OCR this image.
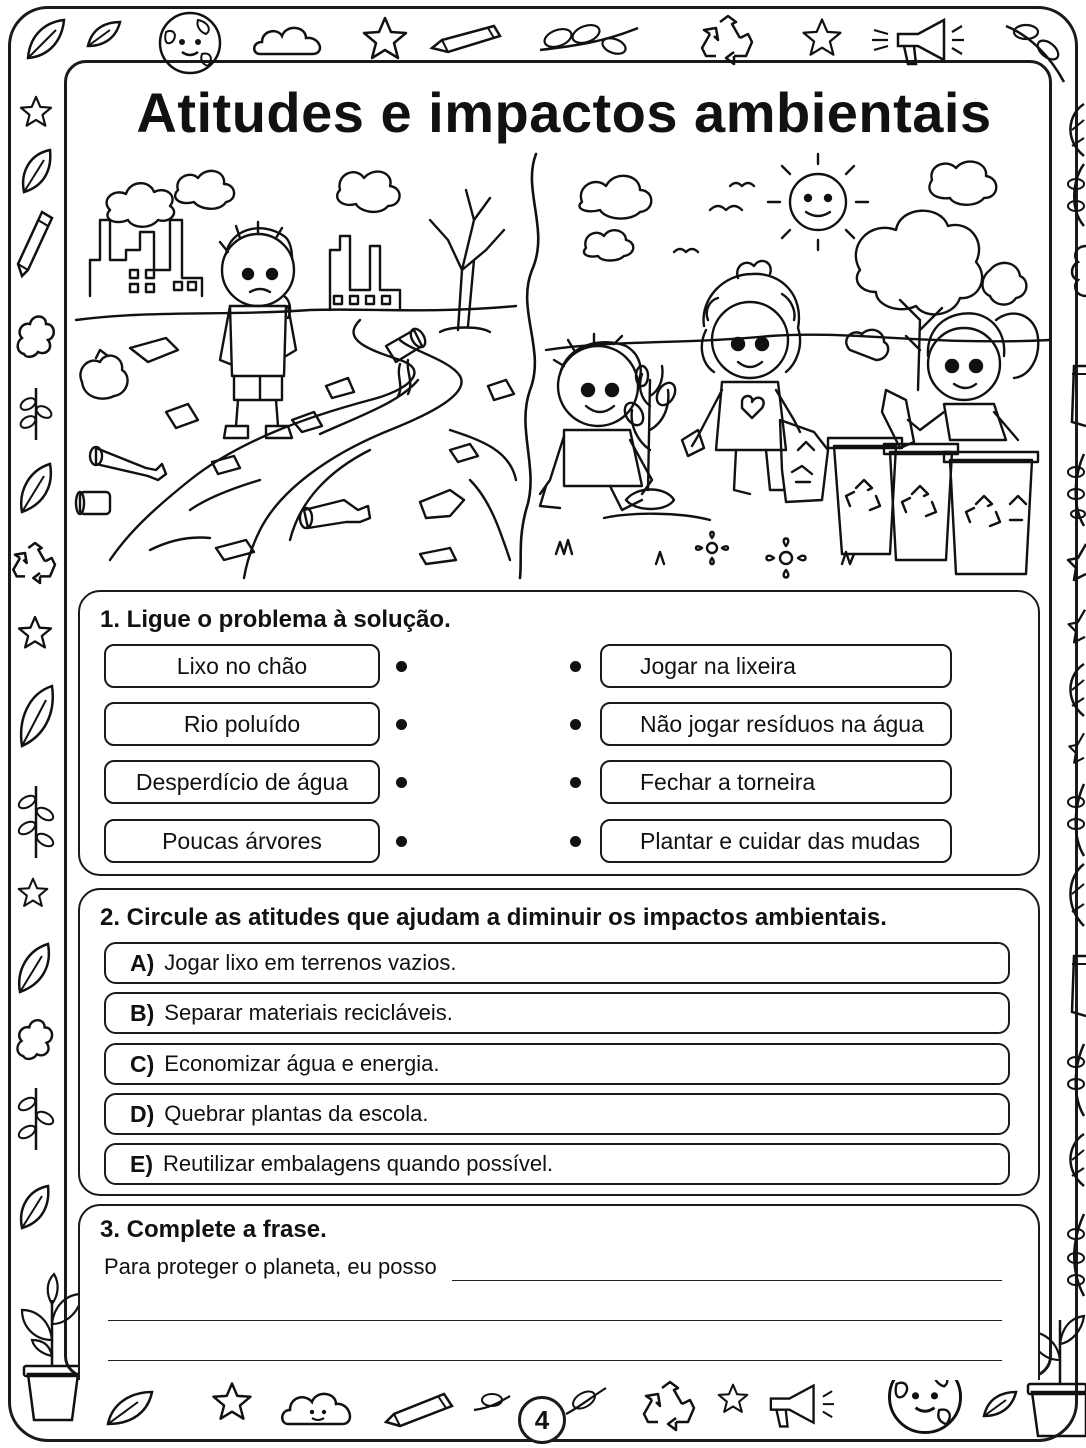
Atitudes e impactos ambientais
1. Ligue o problema à solução.
Lixo no chão
Rio poluído
Desperdício de água
Poucas árvores
Jogar na lixeira
Não jogar resíduos na água
Fechar a torneira
Plantar e cuidar das mudas
2. Circule as atitudes que ajudam a diminuir os impactos ambientais.
A) Jogar lixo em terrenos vazios.
B) Separar materiais recicláveis.
C) Economizar água e energia.
D) Quebrar plantas da escola.
E) Reutilizar embalagens quando possível.
3. Complete a frase.
Para proteger o planeta, eu posso
4
